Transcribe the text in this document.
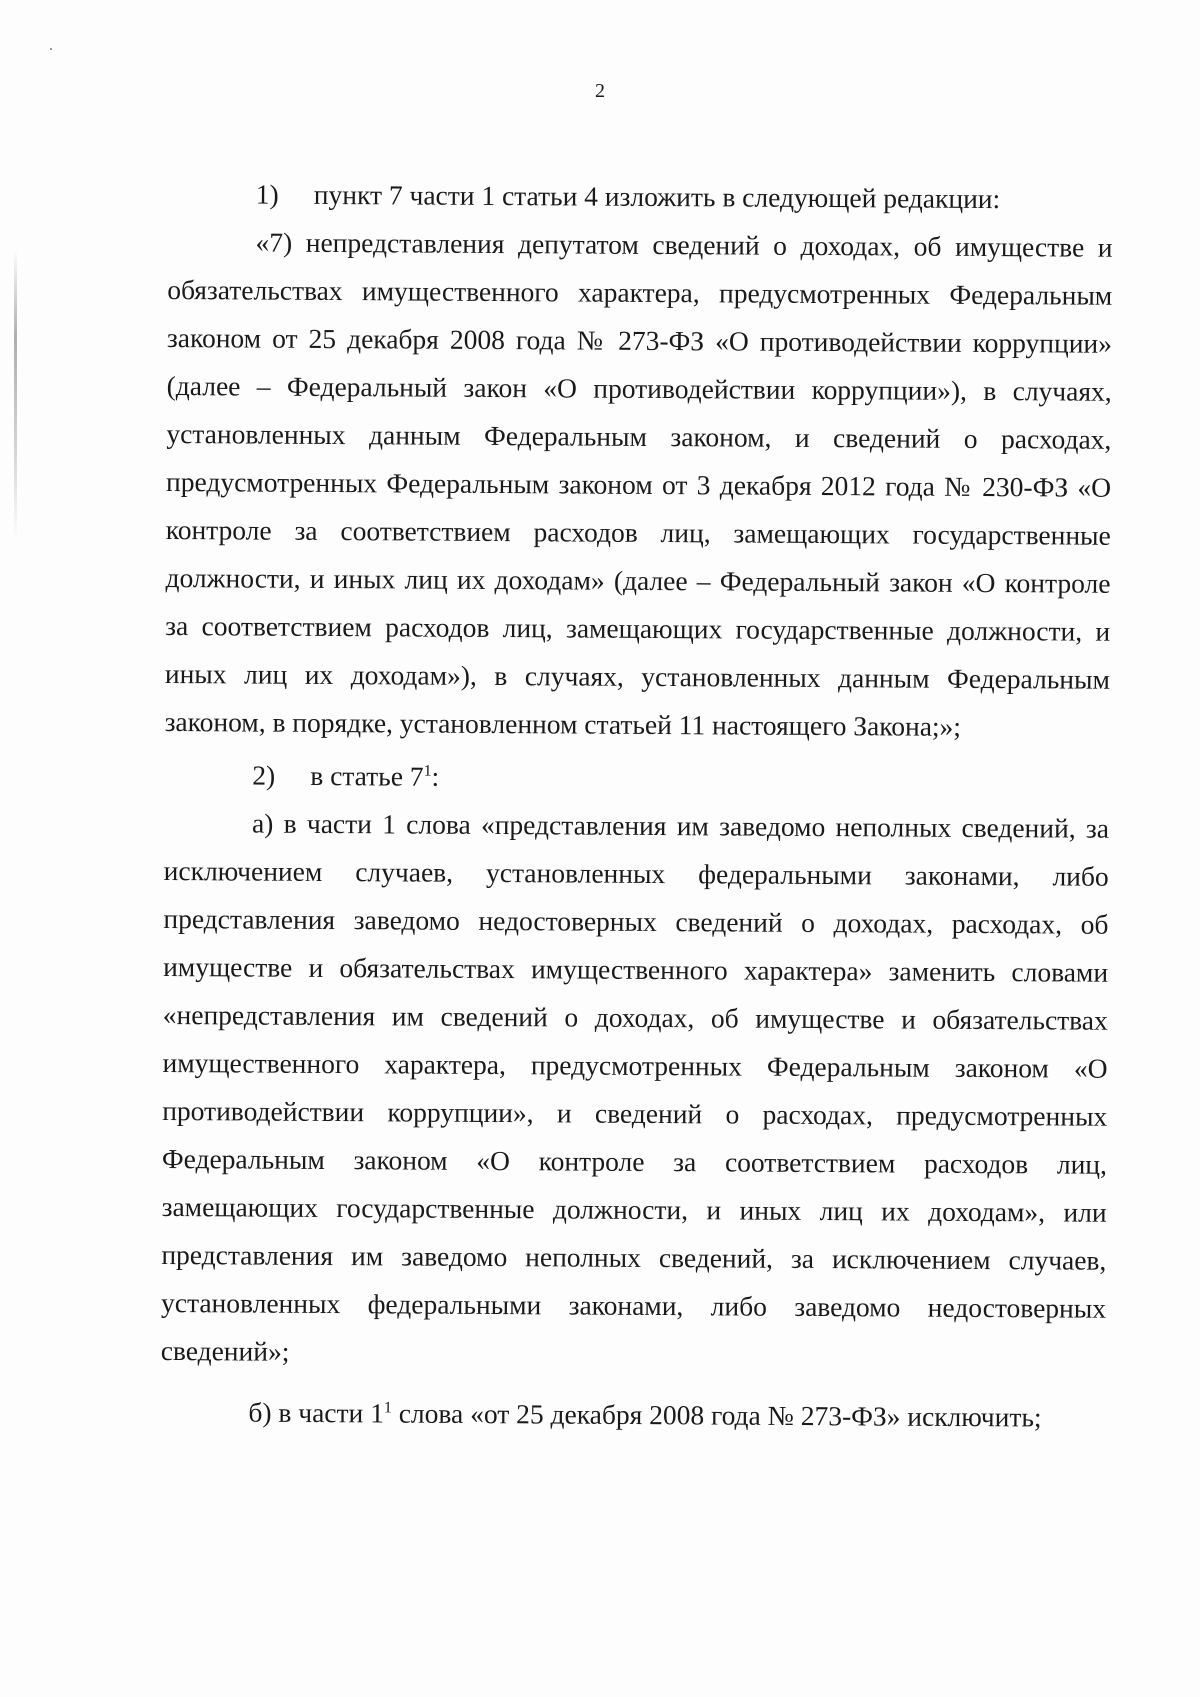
2

1) пункт 7 части 1 статьи 4 изложить в следующей редакции:

«7) непредставления депутатом сведений о доходах, об имуществе и обязательствах имущественного характера, предусмотренных Федеральным законом от 25 декабря 2008 года № 273-ФЗ «О противодействии коррупции» (далее – Федеральный закон «О противодействии коррупции»), в случаях, установленных данным Федеральным законом, и сведений о расходах, предусмотренных Федеральным законом от 3 декабря 2012 года № 230-ФЗ «О контроле за соответствием расходов лиц, замещающих государственные должности, и иных лиц их доходам» (далее – Федеральный закон «О контроле за соответствием расходов лиц, замещающих государственные должности, и иных лиц их доходам»), в случаях, установленных данным Федеральным законом, в порядке, установленном статьей 11 настоящего Закона;»;

2) в статье $7^1$:

а) в части 1 слова «представления им заведомо неполных сведений, за исключением случаев, установленных федеральными законами, либо представления заведомо недостоверных сведений о доходах, расходах, об имуществе и обязательствах имущественного характера» заменить словами «непредставления им сведений о доходах, об имуществе и обязательствах имущественного характера, предусмотренных Федеральным законом «О противодействии коррупции», и сведений о расходах, предусмотренных Федеральным законом «О контроле за соответствием расходов лиц, замещающих государственные должности, и иных лиц их доходам», или представления им заведомо неполных сведений, за исключением случаев, установленных федеральными законами, либо заведомо недостоверных сведений»;

б) в части $1^1$ слова «от 25 декабря 2008 года № 273-ФЗ» исключить;
